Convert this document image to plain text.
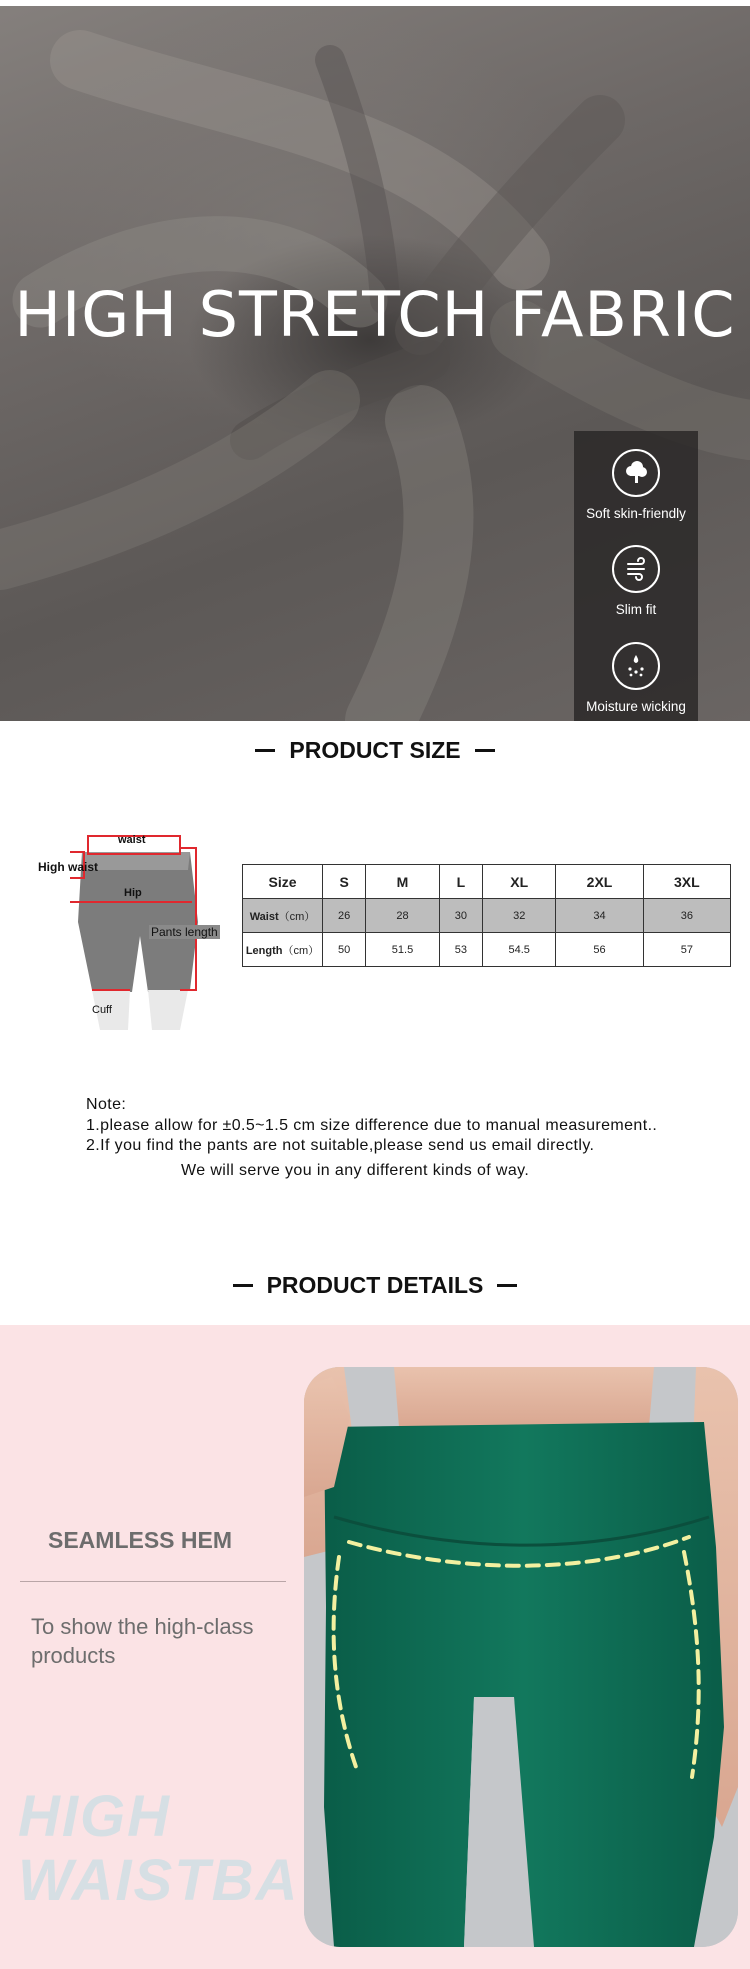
HIGH STRETCH FABRIC
Soft skin-friendly
Slim fit
Moisture wicking
PRODUCT SIZE
waist
High waist
Hip
Pants length
Cuff
Size	S	M	L	XL	2XL	3XL
Waist（cm）	26	28	30	32	34	36
Length（cm）	50	51.5	53	54.5	56	57
Note:
1.please allow for ±0.5~1.5 cm size difference due to manual measurement..
2.If you find the pants are not suitable,please send us email directly.
We will serve you in any different kinds of way.
PRODUCT DETAILS
HIGH
WAISTBA
SEAMLESS HEM
To show the high-class products
